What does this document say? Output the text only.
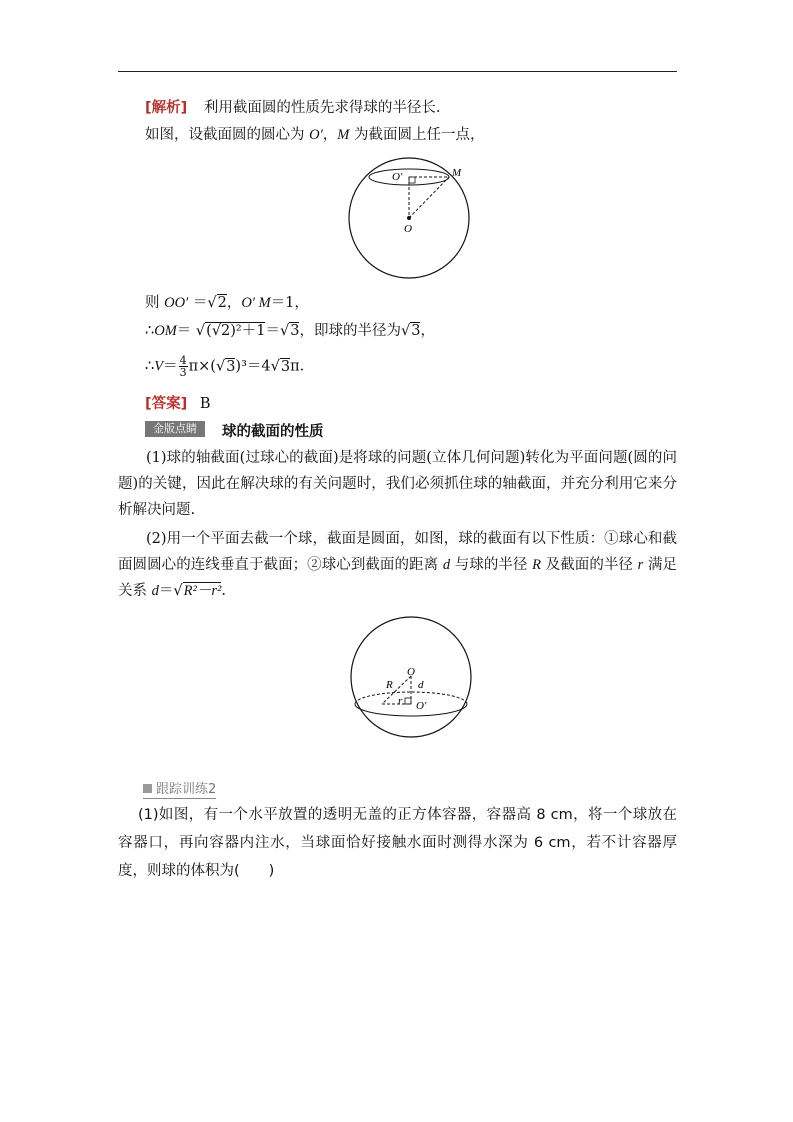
[解析] 利用截面圆的性质先求得球的半径长.
如图，设截面圆的圆心为 O′，M 为截面圆上任一点，
O′	M
O
则 OO′ ＝√2，O′ M＝1，
∴OM＝ √(√2)²＋1＝√3，即球的半径为√3，
∴V＝ $\frac{4}{3} \pi\times(√3)^3=4√3\pi$.
[答案] B
金版点睛	球的截面的性质
(1)球的轴截面(过球心的截面)是将球的问题(立体几何问题)转化为平面问题(圆的问题)的关键，因此在解决球的有关问题时，我们必须抓住球的轴截面，并充分利用它来分析解决问题.
(2)用一个平面去截一个球，截面是圆面，如图，球的截面有以下性质：①球心和截面圆圆心的连线垂直于截面；②球心到截面的距离 d 与球的半径 R 及截面的半径 r 满足关系 d＝√R²－r².
O
R d
r O′
跟踪训练2
(1)如图，有一个水平放置的透明无盖的正方体容器，容器高 8 cm，将一个球放在容器口，再向容器内注水，当球面恰好接触水面时测得水深为 6 cm，若不计容器厚度，则球的体积为(　　)
